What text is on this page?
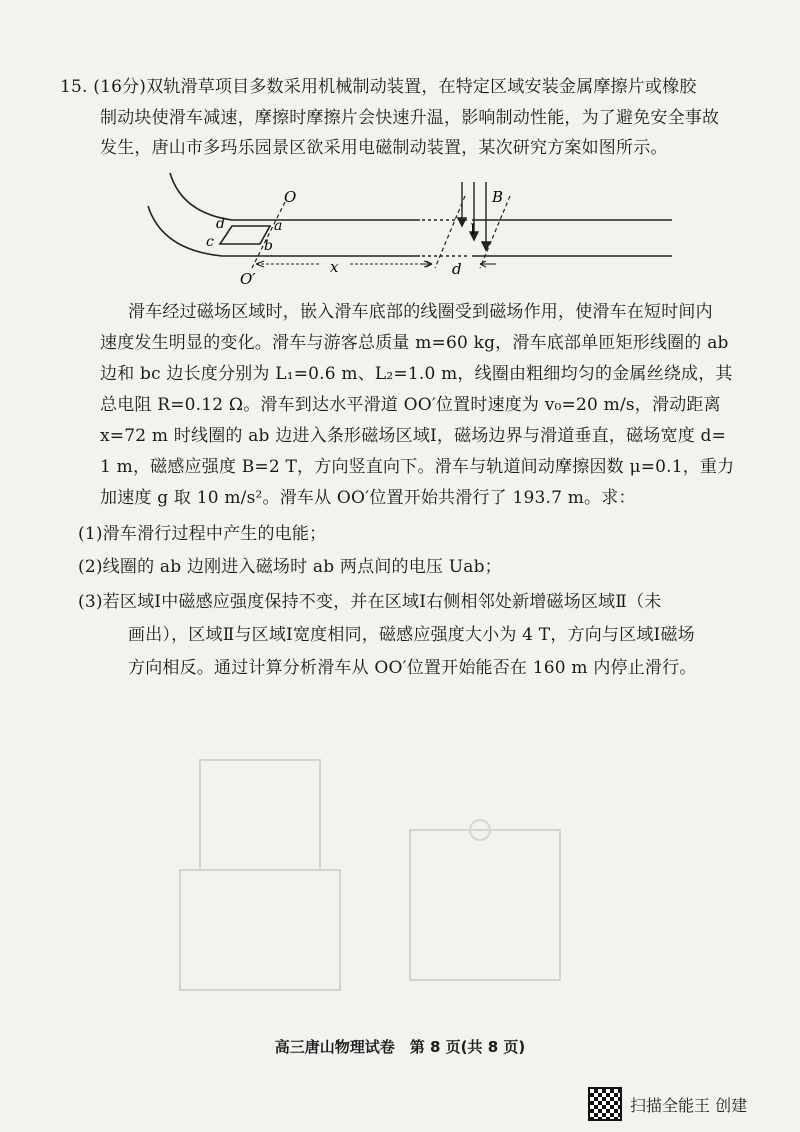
15. (16分)双轨滑草项目多数采用机械制动装置，在特定区域安装金属摩擦片或橡胶
制动块使滑车减速，摩擦时摩擦片会快速升温，影响制动性能，为了避免安全事故
发生，唐山市多玛乐园景区欲采用电磁制动装置，某次研究方案如图所示。
O
O′
d	a
c	b
B
I
x	d
滑车经过磁场区域时，嵌入滑车底部的线圈受到磁场作用，使滑车在短时间内
速度发生明显的变化。滑车与游客总质量 m=60 kg，滑车底部单匝矩形线圈的 ab
边和 bc 边长度分别为 L₁=0.6 m、L₂=1.0 m，线圈由粗细均匀的金属丝绕成，其
总电阻 R=0.12 Ω。滑车到达水平滑道 OO′位置时速度为 v₀=20 m/s，滑动距离
x=72 m 时线圈的 ab 边进入条形磁场区域Ⅰ，磁场边界与滑道垂直，磁场宽度 d=
1 m，磁感应强度 B=2 T，方向竖直向下。滑车与轨道间动摩擦因数 μ=0.1，重力
加速度 g 取 10 m/s²。滑车从 OO′位置开始共滑行了 193.7 m。求：
(1)滑车滑行过程中产生的电能；
(2)线圈的 ab 边刚进入磁场时 ab 两点间的电压 Uab；
(3)若区域Ⅰ中磁感应强度保持不变，并在区域Ⅰ右侧相邻处新增磁场区域Ⅱ（未
画出），区域Ⅱ与区域Ⅰ宽度相同，磁感应强度大小为 4 T，方向与区域Ⅰ磁场
方向相反。通过计算分析滑车从 OO′位置开始能否在 160 m 内停止滑行。
高三唐山物理试卷　第 8 页(共 8 页)
扫描全能王 创建
